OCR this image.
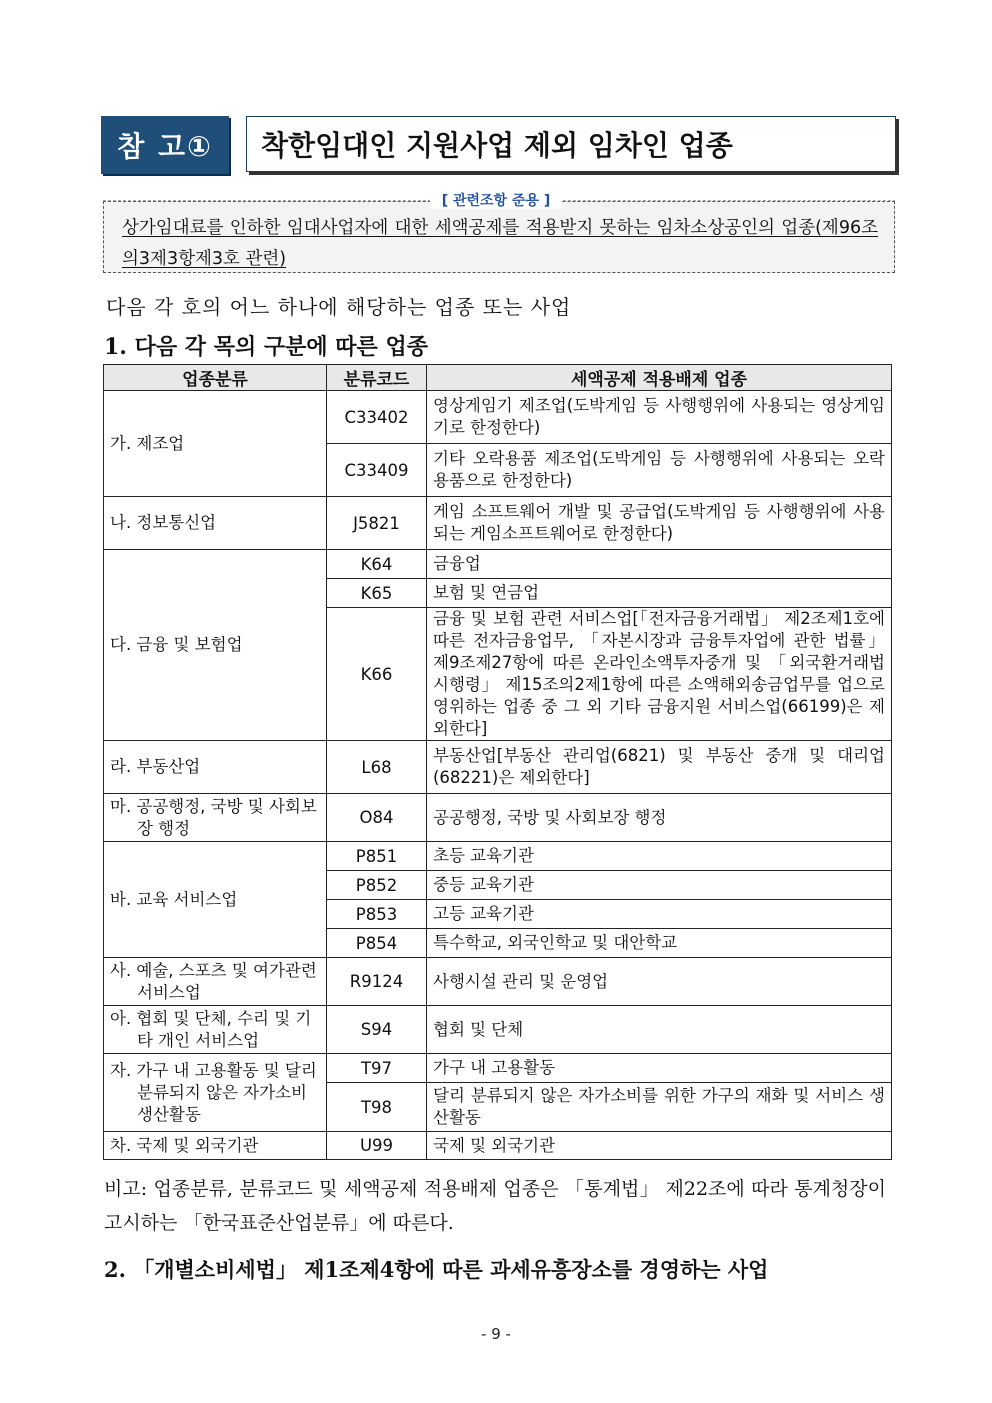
참 고①	착한임대인 지원사업 제외 임차인 업종
상가임대료를 인하한 임대사업자에 대한 세액공제를 적용받지 못하는 임차소상공인의 업종(제96조의3제3항제3호 관련)
[ 관련조항 준용 ]
다음 각 호의 어느 하나에 해당하는 업종 또는 사업
1. 다음 각 목의 구분에 따른 업종
업종분류	분류코드	세액공제 적용배제 업종

가. 제조업	C33402	영상게임기 제조업(도박게임 등 사행행위에 사용되는 영상게임기로 한정한다)
	C33409	기타 오락용품 제조업(도박게임 등 사행행위에 사용되는 오락용품으로 한정한다)

나. 정보통신업	J5821	게임 소프트웨어 개발 및 공급업(도박게임 등 사행행위에 사용되는 게임소프트웨어로 한정한다)

다. 금융 및 보험업	K64	금융업
	K65	보험 및 연금업
	K66	금융 및 보험 관련 서비스업[「전자금융거래법」 제2조제1호에 따른 전자금융업무, 「자본시장과 금융투자업에 관한 법률」 제9조제27항에 따른 온라인소액투자중개 및 「외국환거래법 시행령」 제15조의2제1항에 따른 소액해외송금업무를 업으로 영위하는 업종 중 그 외 기타 금융지원 서비스업(66199)은 제외한다]

라. 부동산업	L68	부동산업[부동산 관리업(6821) 및 부동산 중개 및 대리업(68221)은 제외한다]

마. 공공행정, 국방 및 사회보장 행정	O84	공공행정, 국방 및 사회보장 행정

바. 교육 서비스업	P851	초등 교육기관
	P852	중등 교육기관
	P853	고등 교육기관
	P854	특수학교, 외국인학교 및 대안학교

사. 예술, 스포츠 및 여가관련 서비스업	R9124	사행시설 관리 및 운영업

아. 협회 및 단체, 수리 및 기타 개인 서비스업	S94	협회 및 단체

자. 가구 내 고용활동 및 달리 분류되지 않은 자가소비 생산활동	T97	가구 내 고용활동
	T98	달리 분류되지 않은 자가소비를 위한 가구의 재화 및 서비스 생산활동

차. 국제 및 외국기관	U99	국제 및 외국기관
비고: 업종분류, 분류코드 및 세액공제 적용배제 업종은 「통계법」 제22조에 따라 통계청장이 고시하는 「한국표준산업분류」에 따른다.
2. 「개별소비세법」 제1조제4항에 따른 과세유흥장소를 경영하는 사업
- 9 -
